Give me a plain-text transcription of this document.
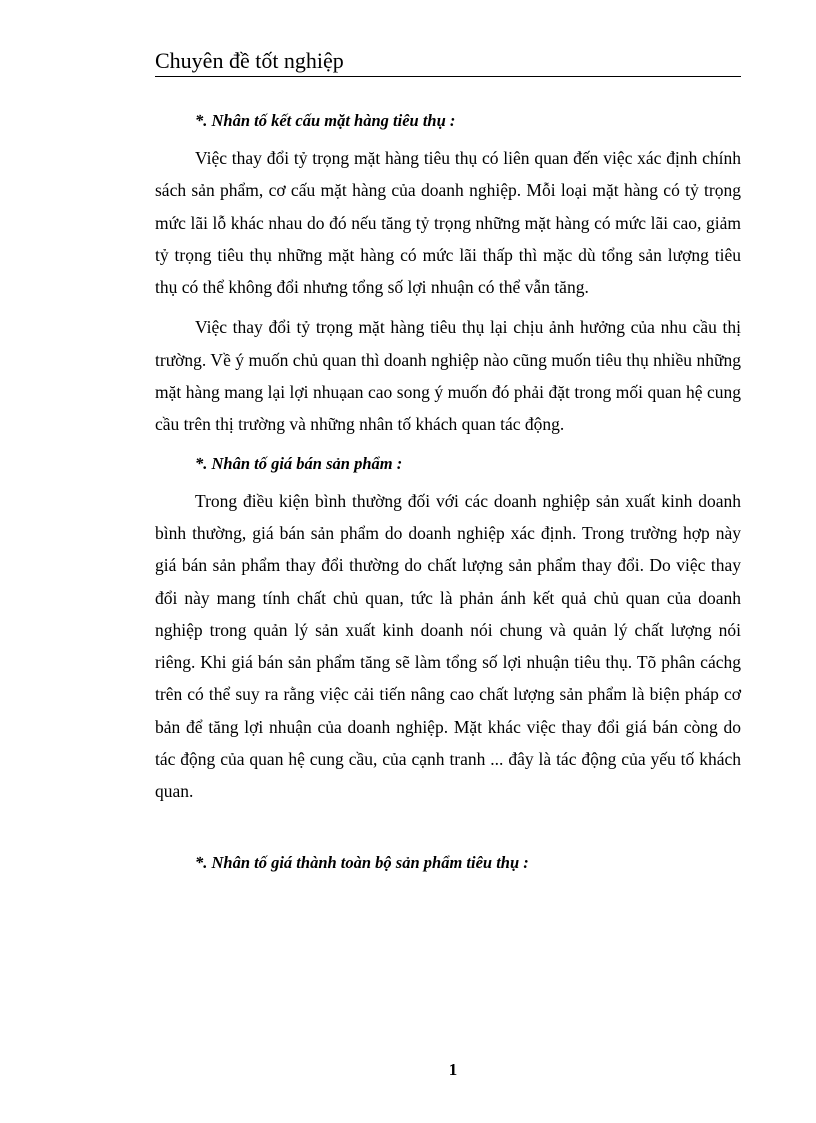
Chuyên đề tốt nghiệp
*. Nhân tố kết cấu mặt hàng tiêu thụ :

Việc thay đổi tỷ trọng mặt hàng tiêu thụ có liên quan đến việc xác định chính sách sản phẩm, cơ cấu mặt hàng của doanh nghiệp. Mỗi loại mặt hàng có tỷ trọng mức lãi lỗ khác nhau do đó nếu tăng tỷ trọng những mặt hàng có mức lãi cao, giảm tỷ trọng tiêu thụ những mặt hàng có mức lãi thấp thì mặc dù tổng sản lượng tiêu thụ có thể không đổi nhưng tổng số lợi nhuận có thể vẫn tăng.

Việc thay đổi tỷ trọng mặt hàng tiêu thụ lại chịu ảnh hưởng của nhu cầu thị trường. Về ý muốn chủ quan thì doanh nghiệp nào cũng muốn tiêu thụ nhiều những mặt hàng mang lại lợi nhuạan cao song ý muốn đó phải đặt trong mối quan hệ cung cầu trên thị trường và những nhân tố khách quan tác động.

*. Nhân tố giá bán sản phẩm :

Trong điều kiện bình thường đối với các doanh nghiệp sản xuất kinh doanh bình thường, giá bán sản phẩm do doanh nghiệp xác định. Trong trường hợp này giá bán sản phẩm thay đổi thường do chất lượng sản phẩm thay đổi. Do việc thay đổi này mang tính chất chủ quan, tức là phản ánh kết quả chủ quan của doanh nghiệp trong quản lý sản xuất kinh doanh nói chung và quản lý chất lượng nói riêng. Khi giá bán sản phẩm tăng sẽ làm tổng số lợi nhuận tiêu thụ. Tõ phân cáchg trên có thể suy ra rằng việc cải tiến nâng cao chất lượng sản phẩm là biện pháp cơ bản để tăng lợi nhuận của doanh nghiệp. Mặt khác việc thay đổi giá bán còng do tác động của quan hệ cung cầu, của cạnh tranh ... đây là tác động của yếu tố khách quan.

*. Nhân tố giá thành toàn bộ sản phẩm tiêu thụ :
1
